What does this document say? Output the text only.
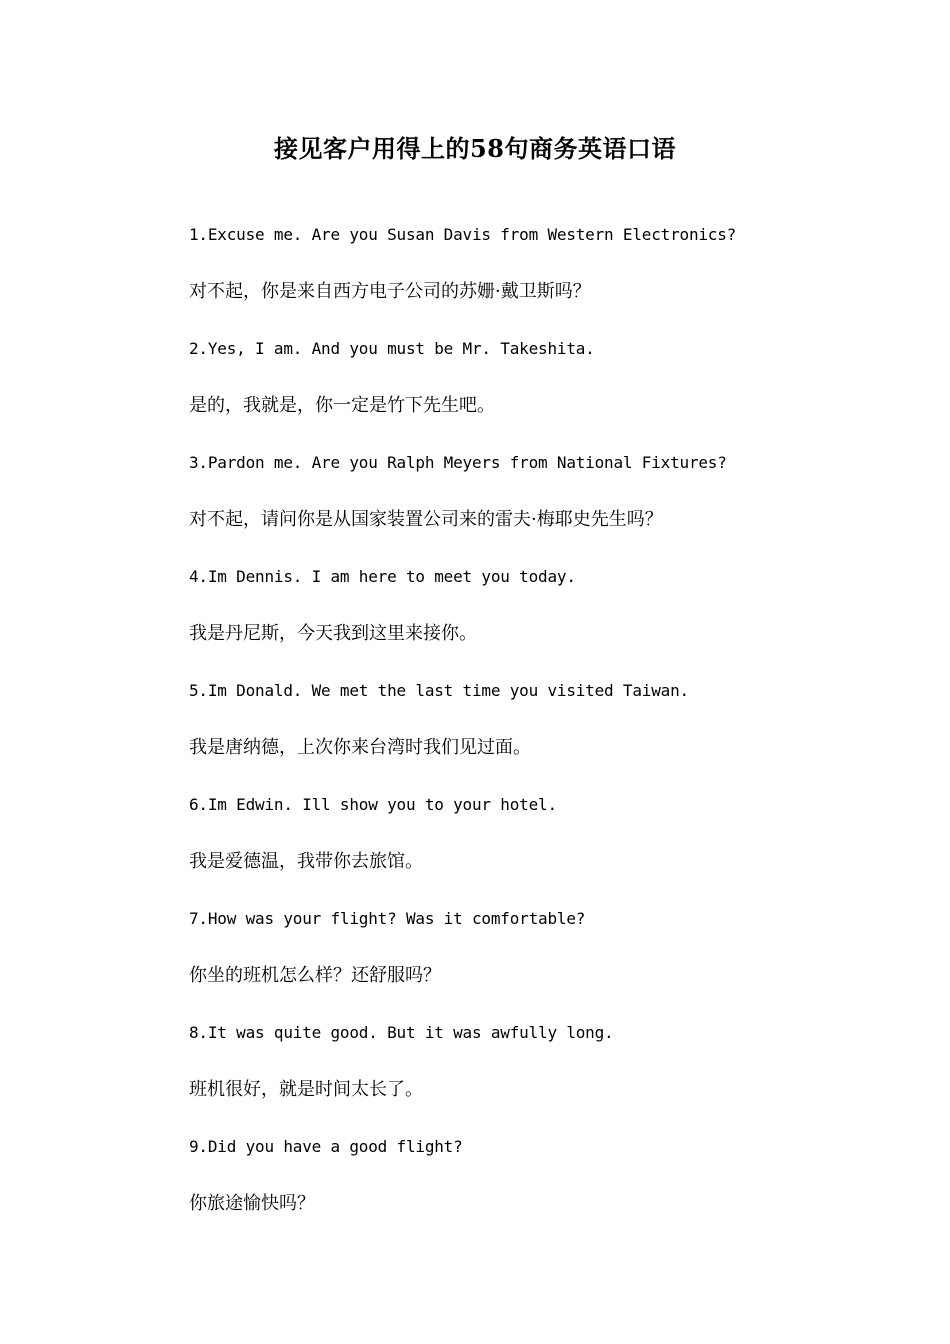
接见客户用得上的58句商务英语口语
1.Excuse me. Are you Susan Davis from Western Electronics?
对不起，你是来自西方电子公司的苏姗·戴卫斯吗？
2.Yes, I am. And you must be Mr. Takeshita.
是的，我就是，你一定是竹下先生吧。
3.Pardon me. Are you Ralph Meyers from National Fixtures?
对不起，请问你是从国家装置公司来的雷夫·梅耶史先生吗？
4.Im Dennis. I am here to meet you today.
我是丹尼斯，今天我到这里来接你。
5.Im Donald. We met the last time you visited Taiwan.
我是唐纳德，上次你来台湾时我们见过面。
6.Im Edwin. Ill show you to your hotel.
我是爱德温，我带你去旅馆。
7.How was your flight? Was it comfortable?
你坐的班机怎么样？还舒服吗？
8.It was quite good. But it was awfully long.
班机很好，就是时间太长了。
9.Did you have a good flight?
你旅途愉快吗？
